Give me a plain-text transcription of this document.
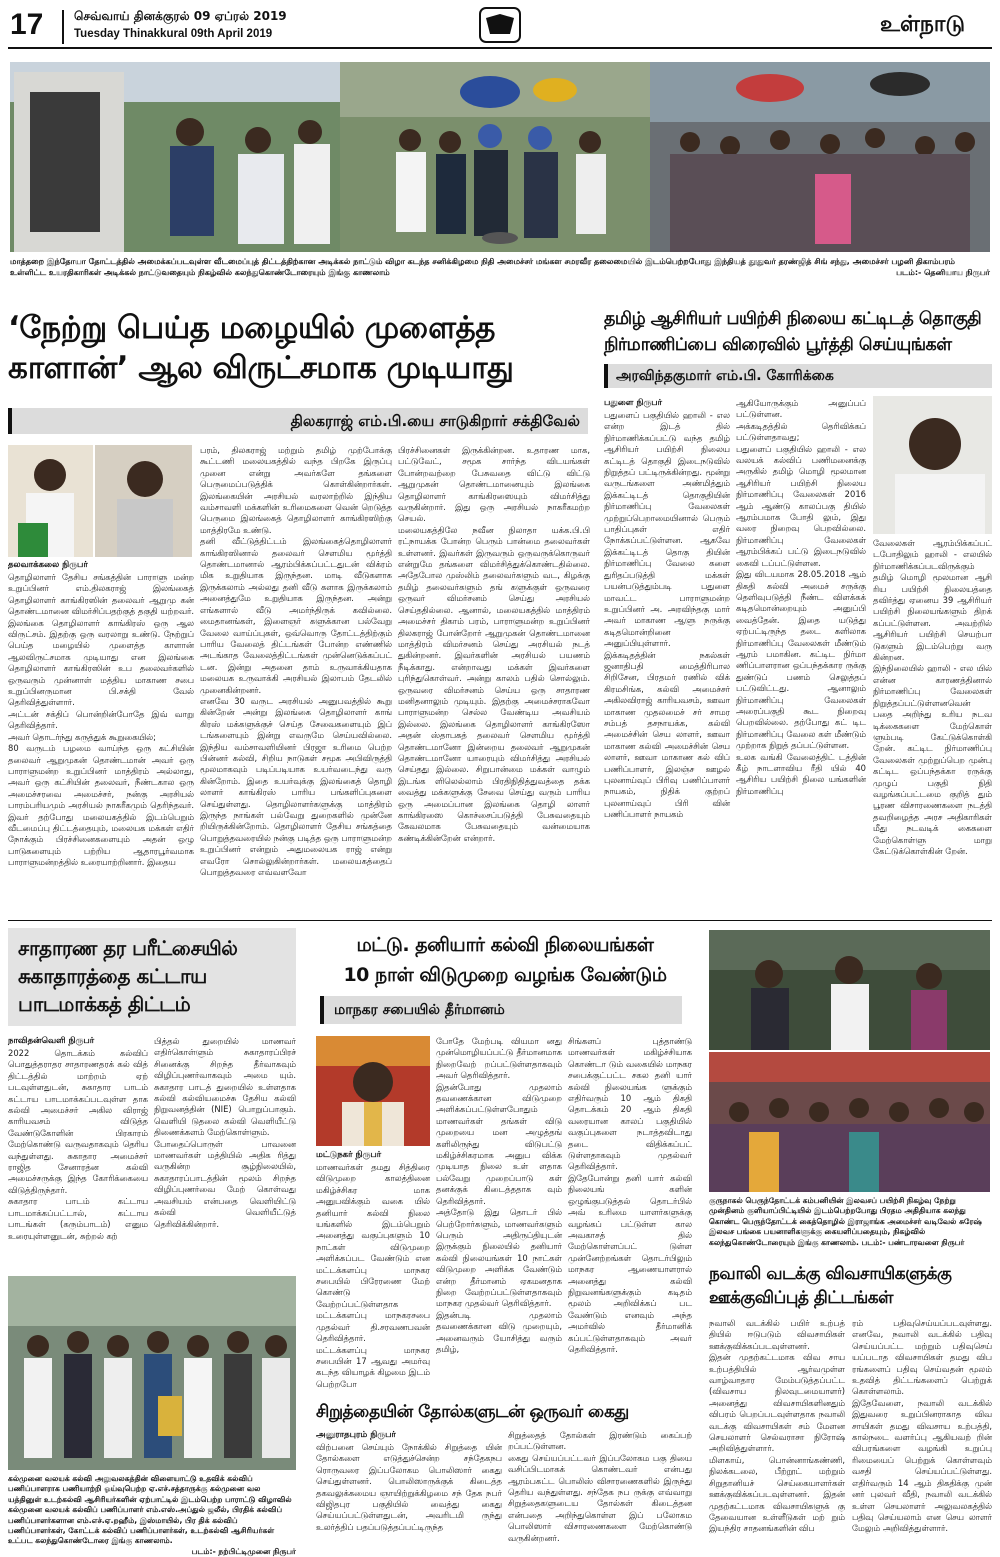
17	செவ்வாய் தினக்குரல் 09 ஏப்ரல் 2019
Tuesday Thinakkural 09th April 2019	உள்நாடு
மாத்தறை இந்தோயா தோட்டத்தில் அமைக்கப்படவுள்ள வீடமைப்புத் திட்டத்திற்கான அடிக்கல் நாட்டும் விழா கடந்த சனிக்கிழமை நிதி அமைச்சர் மங்கள சமரவீர தலைமையில் இடம்பெற்றபோது இந்தியத் தூதுவர் தரண்ஜித் சிங் சந்து, அமைச்சர் பழனி திகாம்பரம்
உள்ளிட்ட உயரதிகாரிகள் அடிக்கல் நாட்டுவதையும் நிகழ்வில் கலந்துகொண்டோரையும் இங்கு காணலாம்	படம்:- தெனியாய நிருபர்
‘நேற்று பெய்த மழையில் முளைத்த
காளான்’ ஆல விருட்சமாக முடியாது
திலகராஜ் எம்.பி.யை சாடுகிறார் சக்திவேல்
தலவாக்கலை நிருபர்
தொழிலாளர் தேசிய சங்கத்தின் பாராளு மன்ற உறுப்பினர் எம்.திலகராஜ் இலங்கைத் தொழிலாளர் காங்கிரஸின் தலைவர் ஆறுமு கன் தொண்டமானை விமர்சிப்பதற்குத் தகுதி யற்றவர். இலங்கை தொழிலாளர் காங்கிரஸ் ஒரு ஆல விருட்சம். இதற்கு ஒரு வரலாறு உண்டு. நேற்றுப் பெய்த மழையில் முளைத்த காளான் ஆலவிருட்சமாக முடியாது என இலங்கை தொழிலாளர் காங்கிரஸின் உப தலைவர்களில் ஒருவரும் முன்னாள் மத்திய மாகாண சபை உறுப்பினருமான பி.சக்தி வேல் தெரிவித்துள்ளார்.
அட்டன் சக்திப் பொன்றின்போதே இவ் வாறு தெரிவித்தார்.
அவர் தொடர்ந்து கருத்துக் கூறுகையில்;
80 வருடம் பழமை வாய்ந்த ஒரு கட்சியின் தலைவர் ஆறுமுகன் தொண்டமான் அவர் ஒரு பாராளுமன்ற உறுப்பினர் மாத்திரம் அல்லாது, அவர் ஒரு கட்சியின் தலைவர், நீண்டகால ஒரு அமைச்சரவை அமைச்சர், நன்கு அரசியல் பாரம்பரியமும் அரசியல் நாகரீகமும் தெரிந்தவர். இவர் தற்போது மலையகத்தில் இடம்பெறும் வீடமைப்பு திட்டத்தையும், மலையக மக்கள் எதிர் நோக்கும் பிரச்சினைகளையும் அதன் ஒழு பாடுகளையும் பற்றிய ஆதாரபூர்வமாக பாராளுமன்றத்தில் உரையாற்றினார். இதைய
பரம், திலகராஜ் மற்றும் தமிழ் முற்போக்கு கூட்டணி மலையகத்தில் வந்த பிறகே இருப்பு முனை என்று அவர்களே தங்களை பெருமைப்படுத்திக் கொள்கின்றார்கள். இலங்கையின் அரசியல் வரலாற்றில் இந்திய வம்சாவளி மக்களின் உரிமைகளை வென் றெடுத்த பெருமை இலங்கைத் தொழிலாளர் காங்கிரஸிற்கு மாத்திரமே உண்டு.
தனி வீட்டுத்திட்டம் இலங்கைத்தொழிலாளர் காங்கிரஸினால் தலைவர் செளமிய மூர்த்தி தொண்டமானால் ஆரம்பிக்கப்பட்டதுடன் விக்ரம் மிக உறுதியாக இருந்தன. மாடி வீடுகளாக இருக்கலாம் அல்லது தனி வீடு களாக இருக்கலாம் அனைத்துமே உறுதியாக இருந்தன. அன்று எங்களால் வீடு அமர்ந்திருக் கவில்லை. மைதானங்கள், இளைஞர் களுக்கான பல்வேறு வேலை வாய்ப்புகள், ஒவ்வொரு தோட்டத்திற்கும் பாரிய வேலைத் திட்டங்கள் போன்ற எண்ணில் அடங்காத வேலைத்திட்டங்கள் முன்னெடுக்கப்பட் டன. இன்று அதனை தாம் உருவாக்கியதாக மலையக உருவாக்கி அரசியல் இலாபம் தேடலில் முனைகின்றனர்.
எனவே 30 வருட அரசியல் அனுபவத்தில் கூறு கின்றேன் அன்று இலங்கை தொழிலாளர் காங் கிரஸ் மக்களுக்குச் செய்த சேவைகளையும் இப் டங்களையும் இன்று எவருமே செய்யவில்லை. இந்திய வம்சாவளியினர் பிரஜா உரிமை பெற்ற பின்னர் கல்வி, சிறிய நாடுகள் சமூக அபிவிருத்தி மூலமாகவும் படிப்படியாக உயர்வடைந்து வரு கின்றோம். இதை உயர்வுக்கு இலங்கைத் தொழி லாளர் காங்கிரஸ் பாரிய பங்களிப்புகளை செய்துள்ளது. தொழிலாளர்களுக்கு மாத்திரம் இருந்த நாங்கள் பல்வேறு துறைகளில் முன்னே றியிருக்கின்றோம். தொழிலாளர் தேசிய சங்கத்தை பொறுத்தவரையில் நன்கு படித்த ஒரு பாராளுமன்ற உறுப்பினர் என்றும் அதுமலையக ராஜ் என்று எவரோ சொல்லுகின்றார்கள். மலையகத்தைப் பொறுத்தவரை எவ்வளவோ
பிரச்சினைகள் இருக்கின்றன. உதாரண மாக, பட்டுவேட், சமூக சார்ந்த விடயங்கள் போன்றவற்றை பேசுவதை விட்டு விட்டு ஆறுமுகன் தொண்டமானையும் இலங்கை தொழிலாளர் காங்கிரஸையும் விமர்சித்து வருகின்றார். இது ஒரு அரசியல் நாகரீகமற்ற செயல்.
மலையகத்திலே நவீன நிலாதா யக்க.பி.பி ரட்நாயக்க போன்ற பெரும் பான்மை தலைவர்கள் உள்ளனர். இவர்கள் இருவரும் ஒருவருக்கொருவர் என்றுமே தங்களை விமர்சித்துக்கொண்டதில்லை. அதேபோல முஸ்லிம் தலைவர்களும் வட, கிழக்கு தமிழ் தலைவர்களும் தங் களுக்குள் ஒருவரை ஒருவர் விமர்சனம் செய்து அரசியல் செய்ததில்லை. ஆனால், மலையகத்தில் மாத்திரம் அமைச்சர் திகாம் பரம், பாராளுமன்ற உறுப்பினர் திலகராஜ் போன்றோர் ஆறுமுகன் தொண்டமானை மாத்திரம் விமர்சனம் செய்து அரசியல் நடத் துகின்றனர். இவர்களின் அரசியல் பயணம் நீடிக்காது. என்றாவது மக்கள் இவர்களை புரிந்துகொள்வர். அன்று காலம் பதில் சொல்லும். ஒருவரை விமர்சனம் செய்ய ஒரு சாதாரண மனிதனாலும் முடியும். இதற்கு அமைச்சராகவோ பாராளுமன்ற செல்ல வேண்டிய அவசியம் இல்லை. இலங்கை தொழிலாளர் காங்கிரஸோ அதன் ஸ்தாபகத் தலைவர் செளமிய மூர்த்தி தொண்டமானோ இன்றைய தலைவர் ஆறுமுகன் தொண்டமானோ யாரையும் விமர்சித்து அரசியல் செய்தது இல்லை. சிறுபான்மை மக்கள் வாழும் இடங்க ளிலெல்லாம் பிரதிநிதித்துவத்தை தக்க வைத்து மக்களுக்கு சேவை செய்து வரும் பாரிய ஒரு அமைப்பான இலங்கை தொழி லாளர் காங்கிரஸை கொச்சைப்படுத்தி பேசுவதையும் கேவலமாக பேசுவதையும் வன்மையாக கண்டிக்கின்றேன் என்றார்.
தமிழ் ஆசிரியர் பயிற்சி நிலைய கட்டிடத் தொகுதி
நிர்மாணிப்பை விரைவில் பூர்த்தி செய்யுங்கள்
அரவிந்தகுமார் எம்.பி. கோரிக்கை
பதுளை நிருபர்
பதுளைப் பகுதியில் ஹாலி - எல என்ற இடத் தில் நிர்மாணிக்கப்பட்டு வந்த தமிழ் ஆசிரியர் பயிற்சி நிலைய கட்டிடத் தொகுதி இடைநடுவில் நிறுத்தப் பட்டிருக்கின்றது. மூன்று வருடங்களை அண்மித்தும் இக்கட்டிடத் தொகுதியின் நிர்மாணிப்பு வேலைகள் முற்றுப்பெறாமையினால் பெரும் பாதிப்புகள் எதிர் நோக்கப்பட்டுள்ளன. ஆகவே இக்கட்டிடத் தொகு தியின் நிர்மாணிப்பு வேலை களை துரிதப்படுத்தி மக்கள் பயன்படுத்தும்படி பதுளை மாவட்ட பாராளுமன்ற உறுப்பினர் அ. அரவிந்தகு மார் அவர் மாகாண ஆளு நருக்கு கடிதமொன்றினை அனுப்பியுள்ளார்.
இக்கடிதத்தின் நகல்கள் ஜனாதிபதி மைத்திரிபால சிறிசேன, பிரதமர் ரணில் விக் கிரமசிங்க, கல்வி அமைச்சர் அகிலவிராஜ் காரியவசம், ஊவா மாகாண முதலமைச் சர் சாமர சம்பத் தசநாயக்க, கல்வி அமைச்சின் செய லாளர், ஊவா மாகாண கல்வி அமைச்சின் செய லாளர், ஊவா மாகாண கல் விப் பணிப்பாளர், இலஞ்ச ஊழல் புலனாய்வுப் பிரிவு பணிப்பாளர் நாயகம், நிதிக் குற்றப் புலனாய்வுப் பிரி வின் பணிப்பாளர் நாயகம்
ஆகியோருக்கும் அனுப்பப் பட்டுள்ளன.
அக்கடிதத்தில் தெரிவிக்கப் பட்டுள்ளதாவது;
பதுளைப் பகுதியில் ஹாலி - எல வலயக் கல்விப் பணிமனைக்கு அருகில் தமிழ் மொழி மூலமான ஆசிரியர் பயிற்சி நிலைய நிர்மாணிப்பு வேலைகள் 2016 ஆம் ஆண்டு காலப்பகு தியில் ஆரம்பமாக போதி லும், இது வரை நிறைவு பெறவில்லை. நிர்மாணிப்பு வேலைகள் ஆரம்பிக்கப் பட்டு இடைநடுவில் கைவி டப்பட்டுள்ளன.
இது விடயமாக 28.05.2018 ஆம் திகதி கல்வி அமைச் சருக்கு தெளிவுபடுத்தி நீண்ட விளக்கக் கடிதமொன்றையும் அனுப்பி வைத்தேன். இதை யடுத்து ஏற்பட்டிருந்த தடை களிலாக நிர்மாணிப்பு வேலைகள் மீண்டும் ஆரம் பமாகின. கட்டிட நிர்மா ணிப்பாளரான ஒப்பந்தக்கார ருக்கு துண்டுப் பணம் செலுத்தப் பட்டுவிட்டது. ஆனாலும் நிர்மாணிப்பு வேலைகள் அரைப்பகுதி கூட நிறைவு பெறவில்லை. தற்போது கட் டிட நிர்மாணிப்பு வேலை கள் மீண்டும் முற்றாக நிறுத் தப்பட்டுள்ளன.
உலக வங்கி வேலைத்திட் டத்தின் கீழ் நாடளாவிய ரீதி யில் 40 ஆசிரிய பயிற்சி நிலை யங்களின் நிர்மாணிப்பு
வேலைகள் ஆரம்பிக்கப்பட் டபோதிலும் ஹாலி - எலயில் நிர்மாணிக்கப்படவிருக்கும் தமிழ் மொழி மூலமான ஆசி ரிய பயிற்சி நிலையத்தை தவிர்த்து ஏனைய 39 ஆசிரியர் பயிற்சி நிலையங்களும் திறக் கப்பட்டுள்ளன. அவற்றில் ஆசிரியர் பயிற்சி செயற்பா டுகளும் இடம்பெற்று வரு கின்றன.
இந்நிலையில் ஹாலி - எல யில் என்ன காரணத்தினால் நிர்மாணிப்பு வேலைகள் நிறுத்தப்பட்டுள்ளனவென் பதை அறிந்து உரிய நடவ டிக்கைகளை மேற்கொள் ளும்படி கேட்டுக்கொள்கி றேன். கட்டிட நிர்மாணிப்பு வேலைகள் முற்றுப்பெற முன்பு கட்டிட ஒப்பந்தக்கா ரருக்கு முழுப் பகுதி நிதி வழங்கப்பட்டமை குறித் தும் பூரண விசாரணைகளை நடத்தி தவறிழைத்த அரச அதிகாரிகள் மீது நடவடிக் கைகளை மேற்கொள்ளு மாறு கேட்டுக்கொள்கின் றேன்.
சாதாரண தர பரீட்சையில்
சுகாதாரத்தை கட்டாய
பாடமாக்கத் திட்டம்
நாவிதன்வெளி நிருபர்
2022 தொடக்கம் கல்விப் பொதுத்தராதர சாதாரணதரக் கல் வித் திட்டத்தில் மாற்றம் ஏற் படவுள்ளதுடன், சுகாதார பாடம் கட்டாய பாடமாக்கப்படவுள்ள தாக கல்வி அமைச்சர் அகில விராஜ் காரியவசம் விடுத்த வேண்டுகோளின் பிரகாரம் மேற்கொண்டு வருவதாகவும் தெரிய வந்துள்ளது. சுகாதார அமைச்சர் ராஜித சேனாரத்ன கல்வி அமைச்சருக்கு இந்த கோரிக்கையை விடுத்திருந்தார்.
சுகாதார பாடம் கட்டாய பாடமாக்கப்பட்டால், கட்டாய பாடங்கள் (கரும்பாடம்) எனும உரையுள்ளனுடன், சுற்றல் கற்
பித்தல் துறையில் மாணவர் எதிர்கொள்ளும் சுகாதாரப்பிரச் சினைக்கு சிறந்த தீர்வாகவும் விழிப்புணர்வாகவும் அமை யும். சுகாதார பாடத் துறையில் உள்ளதாக கல்வி கல்வியமைச்சு தேசிய கல்வி நிறுவனத்தின் (NIE) பொறுப்பாகும். வெளியி டுதலை கல்வி வெளியீட்டு திணைக்களம் மேற்கொள்ளும்.
போதைப்பொருள் பாவனை மாணவர்கள் மத்தியில் அதிக ரித்து வருகின்ற சூழ்நிலையில், சுகாதாரப்பாடத்தின் மூலம் சிறந்த விழிப்புணர்வை மேற் கொள்வது அவசியம் என்பதை வெளியிட்டு கல்வி வெளியீட்டுத் தெரிவிக்கின்றார்.
மட்டு. தனியார் கல்வி நிலையங்கள்
10 நாள் விடுமுறை வழங்க வேண்டும்
மாநகர சபையில் தீர்மானம்
மட்டுநகர் நிருபர்
மாணவர்கள் தமது சித்திரை விடுமுறை காலத்தினை மகிழ்ச்சிகர மாக அனுபவிக்கும் வகை யில் தனியார் கல்வி நிலை யங்களில் இடம்பெறும் அனைத்து வகுப்புகளும் 10 நாட்கள் விடுமுறை அளிக்கப்பட வேண்டும் என மட்டக்களப்பு மாநகர சபையில் பிரேரணை மேற் கொண்டு வேற்றப்பட்டுள்ளதாக மட்டக்களப்பு மாநகரசபை முதல்வர் தி.சரவணபவன் தெரிவித்தார்.
மட்டக்களப்பு மாநகர சபையின் 17 ஆவது அமர்வு கடந்த வியாழக் கிழமை இடம் பெற்றபோ
போதே மேற்படி வியமா னது முன்மொழியப்பட்டு தீர்மானமாக நிறைவேற் றப்பட்டுள்ளதாகவும் அவர் தெரிவித்தார்.
இதன்போது முதலாம் தவணைக்கான விடுமுறை அளிக்கப்பட்டுள்ளபோதும் மாணவர்கள் தங்கள் விடு முறையை மன அழுத்தங் களிலிருந்து விடுபட்டு மகிழ்ச்சிகரமாக அனுப விக்க முடியாத நிலை உள் ளதாக பல்வேறு முறைப்பாடு கள் தனக்குக் கிடைத்ததாக வும் தெரிவித்தார்.
அத்தோடு இது தொடர் பில் பெற்றோர்களும், மாணவர்களும் பெரும் அதிருப்தியுடன் இருக்கும் நிலையில் தனியார் கல்வி நிலையங்கள் 10 நாட்கள் விடுமுறை அளிக்க வேண்டும் என்ற தீர்மானம் ஏகமனதாக நிறை வேற்றப்பட்டுள்ளதாகவும் மாநகர முதல்வர் தெரிவித்தார்.
இதன்படி முதலாம் தவணைக்கான விடு முறையும், அனைவரும் யோசித்து வரும் தமிழ்,
சிங்களப் புத்தாண்டு மாணவர்கள் மகிழ்ச்சியாக கொண்டா டும் வகையில் மாநகர சபைக்குட்பட்ட சகல தனி யார் கல்வி நிலையங்க ளுக்கும் எதிர்வரும் 10 ஆம் திகதி தொடக்கம் 20 ஆம் திகதி வரையான காலப் பகுதியில் வகுப்புகளை நடாத்தவிடாது தடை விதிக்கப்பட் டுள்ளதாகவும் முதல்வர் தெரிவித்தார்.
இதேபோன்று தனி யார் கல்வி நிலையங் களின் ஒழுங்குபடுத்தல் தொடர்பில் அவ் உரிமை யாளர்களுக்கு வழங்கப் பட்டுள்ள கால அவகாசத் தில் மேற்கொள்ளப்பட் டுள்ள முன்னேற்றங்கள் தொடர்பிலும் மாநகர ஆணையாளரால் அனைத்து கல்வி நிறுவனங்களுக்கும் கடிதம் மூலம் அறிவிக்கப் பட வேண்டும் எனவும் அந்த அமர்வில் தீர்மானிக் கப்பட்டுள்ளதாகவும் அவர் தெரிவித்தார்.
குருநாகல் பெருந்தோட்டக் கம்பனியின் இலவசப் பயிற்சி நிகழ்வு நேற்று முன்தினம் குளியாப்பிட்டியில் இடம்பெற்றபோது பிரதம அதிதியாக கலந்து கொண்ட பெருந்தோட்டக் கைத்தொழில் இராஜாங்க அமைச்சர் வடிவேல் சுரேஷ் இலவச பங்கை பயனாளிகளுக்கு கையளிப்பதையும், நிகழ்வில் கலந்துகொண்டோரையும் இங்கு காணலாம். படம்:- பண்டாரவளை நிருபர்
நவாலி வடக்கு விவசாயிகளுக்கு
ஊக்குவிப்புத் திட்டங்கள்
நவாலி வடக்கில் பயிர் உற்பத் தியில் ஈடுபடும் விவசாயிகள் ஊக்குவிக்கப்படவுள்ளனர்.
இதன் முதற்கட்டமாக விவ சாய உற்பத்தியில் ஆர்வமுள்ள வாழ்வாதார மேம்படுத்தப்பட்ட (விவசாய நிலவுடமையாளர்) அனைத்து விவசாயிகளினதும் விபரம் பெறப்படவுள்ளதாக நவாலி வடக்கு விவசாயிகள் சம் மேளன செயலாளர் செல்வராசா நிரோஷ் அறிவித்துள்ளார்.
மிளகாய், பொன்னாங்கண்ணி, நிலக்கடலை, பீற்றூட் மற்றும் சிறுதானியச் செய்கையாளர்கள் ஊக்குவிக்கப்படவுள்ளனர். இதன் முதற்கட்டமாக விவசாயிகளுக் கு தேவையான உள்ளீடுகள் மற் றும் இயந்திர சாதனங்களின் விப
ரம் பதிவுசெய்யப்படவுள்ளது. எனவே, நவாலி வடக்கில் பதிவு செய்யப்பட்ட மற்றும் பதிவுசெய் யப்படாத விவசாயிகள் தமது விப ரங்களைப் பதிவு செய்வதன் மூலம் உதவித் திட்டங்களைப் பெற்றுக் கொள்ளலாம்.
இதேவேளை, நவாலி வடக்கில் இதுவரை உறுப்பினராகாத விவ சாயிகள் தமது விவசாய உற்பத்தி, கால்நடை வளர்ப்பு ஆகியவற் றின் விபரங்களை வழங்கி உறுப்பு ரிமையைப் பெற்றுக் கொள்ளவும் வசதி செய்யப்பட்டுள்ளது. எதிர்வரும் 14 ஆம் திகதிக்கு முன் னர் புலவர் வீதி, நவாலி வடக்கில் உள்ள செயலாளர் அலுவலகத்தில் பதிவு செய்யலாம் என செய லாளர் மேலும் அறிவித்துள்ளார்.
கல்முனை வலயக் கல்வி அலுவலகத்தின் விளையாட்டு உதவிக் கல்விப் பணிப்பாளராக பணியாற்றி ஓய்வுபெற்ற ஏ.எச்.சத்தாருக்கு கல்முனை வல யத்தினுள் உடற்கல்வி ஆசிரியர்களின் ஏற்பாட்டில் இடம்பெற்ற பாராட்டு விழாவில் கல்முனை வலயக் கல்விப் பணிப்பாளர் எம்.எஸ்.அப்துல் ஜலீல், பிரதிக் கல்விப் பணிப்பாளர்களான எம்.எச்.ஏ.றஹீம், இஸ்மாயில், பிர திக் கல்விப் பணிப்பாளர்கள், கோட்டக் கல்விப் பணிப்பாளர்கள், உடற்கல்வி ஆசிரியர்கள் உட்பட கலந்துகொண்டோரை இங்கு காணலாம்.
படம்:- நற்பிட்டிமுனை நிருபர்
சிறுத்தையின் தோல்களுடன் ஒருவர் கைது
அனுராதபுரம் நிருபர்
விற்பனை செய்யும் நோக்கில் சிறுத்தை யின் தோல்களை எடுத்துச்சென்ற சந்தேகநப ரொருவரை இப்பலோகம பொலிஸார் கைது செய்துள்ளனர். பொலிஸாருக்குக் கிடைத்த தகவலுக்கமைய ஞாயிற்றுக்கிழமை சந் தேக நபர் விஜிதபுர பகுதியில் வைத்து கைது செய்யப்பட்டுள்ளதுடன், அவரிடமி ருந்து உலர்த்திப் பதப்படுத்தப்பட்டிருந்த
சிறுத்தைத் தோல்கள் இரண்டும் கைப்பற் றப்பட்டுள்ளன.
கைது செய்யப்பட்டவர் இப்பலோகம பகு தியை வசிப்பிடமாகக் கொண்டவர் என்பது ஆரம்பகட்ட பொலிஸ் விசாரணைகளில் இருந்து தெரிய வந்துள்ளது. சந்தேக நப ருக்கு எவ்வாறு சிறுத்தைகளுடைய தோல்கள் கிடைத்தன என்பதை அறிந்துகொள்ள இப் பலோகம பொலிஸார் விசாரணைகளை மேற்கொண்டு வருகின்றனர்.
